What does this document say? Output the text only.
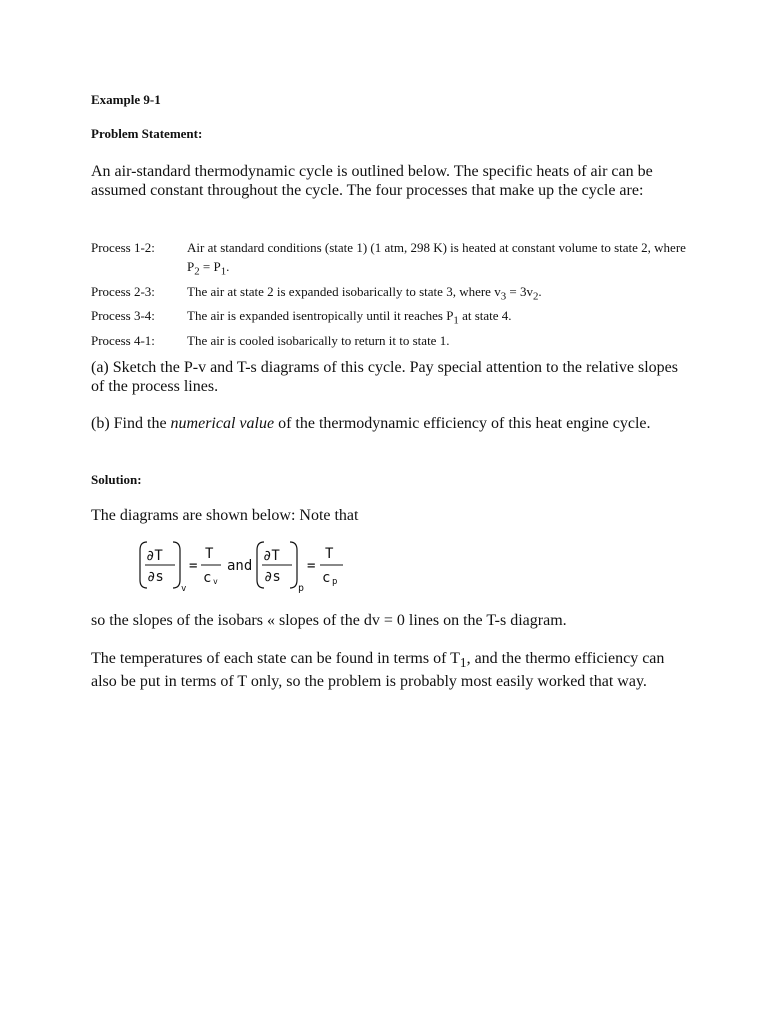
Example 9-1
Problem Statement:
An air-standard thermodynamic cycle is outlined below. The specific heats of air can be assumed constant throughout the cycle. The four processes that make up the cycle are:
Process 1-2:	Air at standard conditions (state 1) (1 atm, 298 K) is heated at constant volume to state 2, where $P_2 = P_1$.
Process 2-3:	The air at state 2 is expanded isobarically to state 3, where $v_3 = 3v_2$.
Process 3-4:	The air is expanded isentropically until it reaches $P_1$ at state 4.
Process 4-1:	The air is cooled isobarically to return it to state 1.
(a) Sketch the P-v and T-s diagrams of this cycle. Pay special attention to the relative slopes of the process lines.
(b) Find the numerical value of the thermodynamic efficiency of this heat engine cycle.
Solution:
The diagrams are shown below: Note that
∂T
∂s
v
=
T
c v
and
∂T
∂s
p
=
T
c p
so the slopes of the isobars « slopes of the dv = 0 lines on the T-s diagram.
The temperatures of each state can be found in terms of $T_1$, and the thermo efficiency can also be put in terms of T only, so the problem is probably most easily worked that way.
